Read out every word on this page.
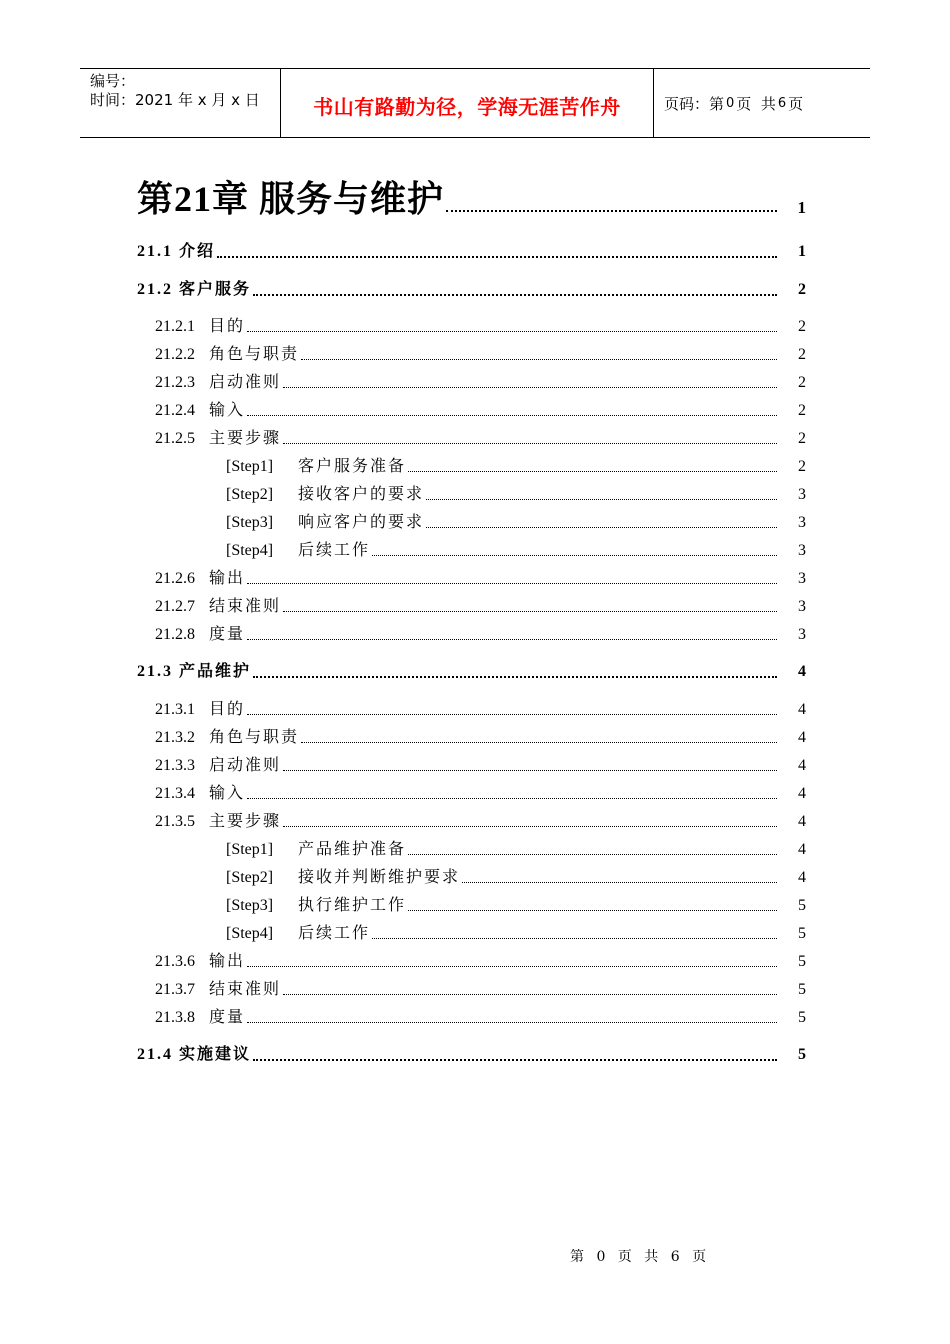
编号：
时间：2021 年 x 月 x 日	书山有路勤为径，学海无涯苦作舟	页码：第 0 页  共 6 页
第21章 服务与维护	1
21.1 介绍	1
21.2 客户服务	2
21.2.1 目的	2
21.2.2 角色与职责	2
21.2.3 启动准则	2
21.2.4 输入	2
21.2.5 主要步骤	2
[Step1] 客户服务准备	2
[Step2] 接收客户的要求	3
[Step3] 响应客户的要求	3
[Step4] 后续工作	3
21.2.6 输出	3
21.2.7 结束准则	3
21.2.8 度量	3
21.3 产品维护	4
21.3.1 目的	4
21.3.2 角色与职责	4
21.3.3 启动准则	4
21.3.4 输入	4
21.3.5 主要步骤	4
[Step1] 产品维护准备	4
[Step2] 接收并判断维护要求	4
[Step3] 执行维护工作	5
[Step4] 后续工作	5
21.3.6 输出	5
21.3.7 结束准则	5
21.3.8 度量	5
21.4 实施建议	5
第 0 页 共 6 页
